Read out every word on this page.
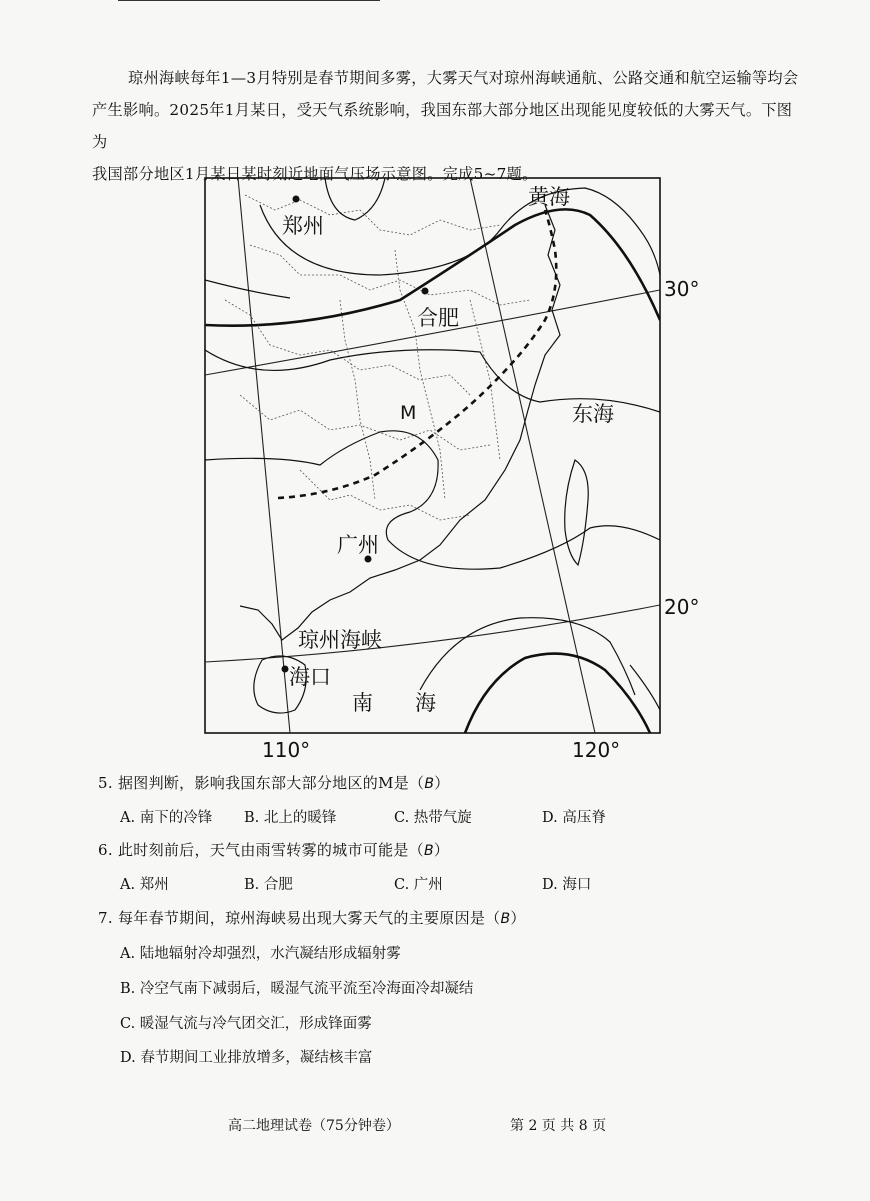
琼州海峡每年1—3月特别是春节期间多雾，大雾天气对琼州海峡通航、公路交通和航空运输等均会

产生影响。2025年1月某日，受天气系统影响，我国东部大部分地区出现能见度较低的大雾天气。下图为

我国部分地区1月某日某时刻近地面气压场示意图。完成5~7题。

郑州
合肥
广州
海口
琼州海峡
黄海
东海
南 海
M
30°
20°
110°	120°
5. 据图判断，影响我国东部大部分地区的M是（B）
A. 南下的冷锋 B. 北上的暖锋	C. 热带气旋	D. 高压脊
6. 此时刻前后，天气由雨雪转雾的城市可能是（B）
A. 郑州	B. 合肥	C. 广州	D. 海口
7. 每年春节期间，琼州海峡易出现大雾天气的主要原因是（B）
A. 陆地辐射冷却强烈，水汽凝结形成辐射雾
B. 冷空气南下减弱后，暖湿气流平流至冷海面冷却凝结
C. 暖湿气流与冷气团交汇，形成锋面雾
D. 春节期间工业排放增多，凝结核丰富
高二地理试卷（75分钟卷）	第 2 页 共 8 页
